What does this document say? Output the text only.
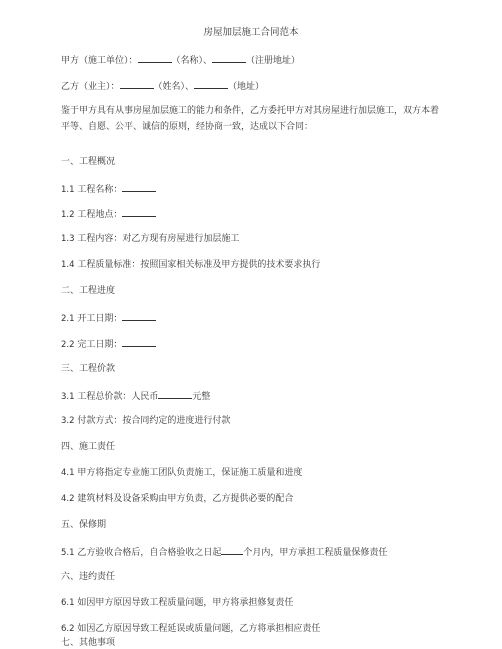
房屋加层施工合同范本
甲方（施工单位）：	（名称）、	（注册地址）
乙方（业主）：	（姓名）、	（地址）
鉴于甲方具有从事房屋加层施工的能力和条件，乙方委托甲方对其房屋进行加层施工，双方本着平等、自愿、公平、诚信的原则，经协商一致，达成以下合同：
一、工程概况
1.1 工程名称：
1.2 工程地点：
1.3 工程内容：对乙方现有房屋进行加层施工
1.4 工程质量标准：按照国家相关标准及甲方提供的技术要求执行
二、工程进度
2.1 开工日期：
2.2 完工日期：
三、工程价款
3.1 工程总价款：人民币	元整
3.2 付款方式：按合同约定的进度进行付款
四、施工责任
4.1 甲方将指定专业施工团队负责施工，保证施工质量和进度
4.2 建筑材料及设备采购由甲方负责，乙方提供必要的配合
五、保修期
5.1 乙方验收合格后，自合格验收之日起 个月内，甲方承担工程质量保修责任
六、违约责任
6.1 如因甲方原因导致工程质量问题，甲方将承担修复责任
6.2 如因乙方原因导致工程延误或质量问题，乙方将承担相应责任
七、其他事项
